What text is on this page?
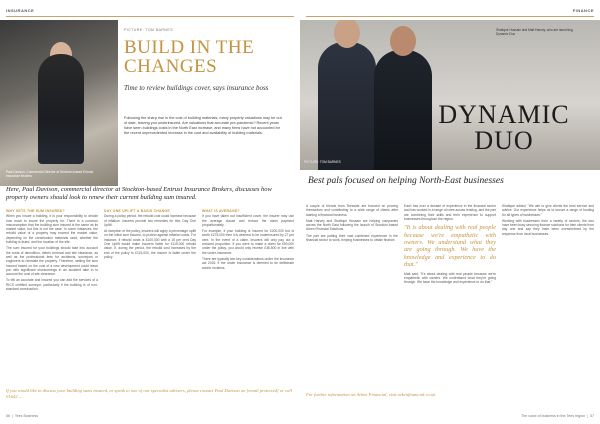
INSURANCE
Paul Davison, Commercial Director at Stockton-based Entrust Insurance Brokers
PICTURE: TOM BARNES
BUILD IN THE CHANGES
Time to review buildings cover, says insurance boss
Following the sharp rise in the cost of building materials, many property valuations may be out of date, leaving you underinsured. Are valuations that accurate pre-pandemic? Recent years have seen buildings costs in the North East increase, and many firms have not accounted for the recent unprecedented increase in the cost and availability of building materials.
Here, Paul Davison, commercial director at Stockton-based Entrust Insurance Brokers, discusses how property owners should look to renew their current building sum insured.
WHY SETS THE SUM INSURED?

When you insure a building, it is your responsibility to decide how much to insure the property for. There is a common misconception that the building sum insured is the same as its market value, but this is not the case. In some instances, the rebuild value of a property may exceed the market value, depending on the construction materials used, whether the building is listed, and the location of the site.

The sum insured for your buildings should take into account the costs of demolition, debris removal and site clearance, as well as the professional fees for architects, surveyors or engineers to reinstate the property. Therefore, setting the sum insured based on the cost of a new development could leave you with significant shortcomings in an accident take in to account the cost of site clearance.

To tell an accurate and insured you can add the services of a RICS certified surveyor, particularly if the building is of non-standard construction.

DAY ONE UPLIFT & BASIS CHANGE

During a policy period, the rebuild cost could increase because of inflation. Insurers provide two remedies for this: Day One Uplift.

At inception of the policy, insurers will apply a percentage uplift on the initial sum insured, to protect against inflation costs. For instance, if rebuild costs is £100,000 with a 15 per cent Day One Uplift would make insurers liable for £115,000 rebuild value. If, during the period, the rebuild cost increases by the end of the policy to £115,000, the insurer is liable under the policy.

WHAT IS AVERAGE?

If you have taken out insufficient cover, the insurer may use the average clause and reduce the claim payment proportionately.

For example, if your building is insured for £200,000 but is worth £275,000 then it is deemed to be underinsured by 27 per cent. In the event of a claim, insurers will only pay out a reduced proportion. If you were to make a claim for £50,000 under the policy, you would only receive £36,500 in line with the under-insurance.

There are typically two key considerations under the insurance act 2015: if the under insurance is deemed to be deliberate and/or reckless.

If you would like to discuss your building sums insured, or speak to one of our specialist advisers, please contact Paul Davison on [email protected] or call 01642 ...
56  |  Tees Business
FINANCE
Shafique Hussain and Matt Harvey, who are launching Dynamic Duo
PICTURE: TOM BARNES
DYNAMIC DUO
Best pals focused on helping North-East businesses

A couple of friends from Teesside are focused on proving themselves and contributing to a wide range of clients after starting a financial business.

Matt Harvey and Shafique Hussain are helping companies across the North East following the launch of Stockton-based Arken Financial Solutions.

The pair are putting their vast combined experience in the financial sector to work, helping businesses to obtain finance.

Each has over a decade of experience in the financial sector and has worked in a range of roles across lending, and the pair are combining their skills and their experience to support businesses throughout the region.

"It is about dealing with real people because we're empathetic with owners. We understand what they are going through. We have the knowledge and experience to do that."

Matt said: "It's about dealing with real people because we're empathetic with owners. We understand what they're going through. We have the knowledge and experience to do that."

Shafique added: "We aim to give clients the best service and advice. Our experience helps us to secure a range of funding for all types of businesses."

Working with businesses from a variety of sectors, the duo have been busy securing finance solutions for their clients from day one and say they have been overwhelmed by the response from local businesses.

For further information on Arken Financial, visit arkenfinancial.co.uk
The voice of business in the Tees region  |  57
